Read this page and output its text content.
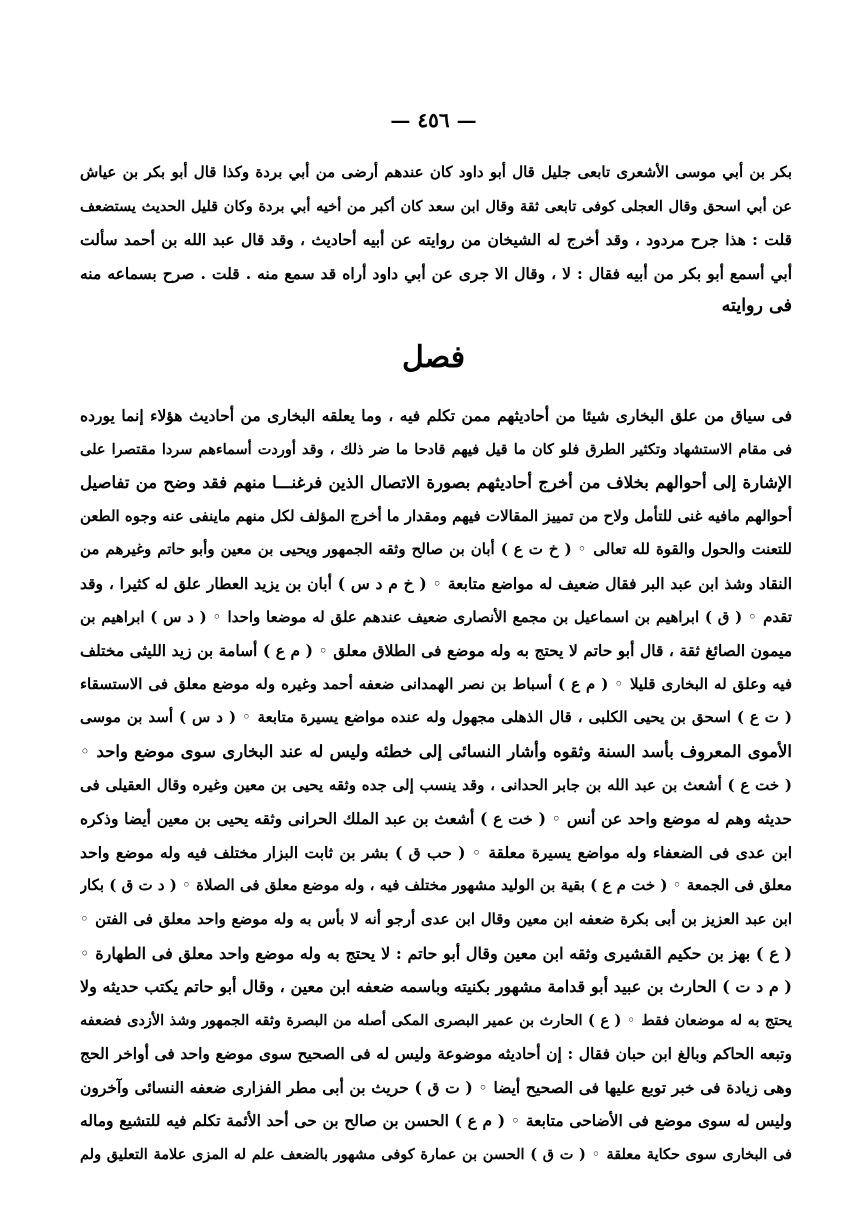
— ٤٥٦ —
بكر بن أبي موسى الأشعرى تابعى جليل قال أبو داود كان عندهم أرضى من أبي بردة وكذا قال أبو بكر بن عياش
عن أبي اسحق وقال العجلى كوفى تابعى ثقة وقال ابن سعد كان أكبر من أخيه أبي بردة وكان قليل الحديث يستضعف
قلت : هذا جرح مردود ، وقد أخرج له الشيخان من روايته عن أبيه أحاديث ، وقد قال عبد الله بن أحمد سألت
أبي أسمع أبو بكر من أبيه فقال : لا ، وقال الا جرى عن أبي داود أراه قد سمع منه . قلت . صرح بسماعه منه
فى روايته
فصل
فى سياق من علق البخارى شيئا من أحاديثهم ممن تكلم فيه ، وما يعلقه البخارى من أحاديث هؤلاء إنما يورده
فى مقام الاستشهاد وتكثير الطرق فلو كان ما قيل فيهم قادحا ما ضر ذلك ، وقد أوردت أسماءهم سردا مقتصرا على
الإشارة إلى أحوالهم بخلاف من أخرج أحاديثهم بصورة الاتصال الذين فرغنـــا منهم فقد وضح من تفاصيل
أحوالهم مافيه غنى للتأمل ولاح من تمييز المقالات فيهم ومقدار ما أخرج المؤلف لكل منهم ماينفى عنه وجوه الطعن
للتعنت والحول والقوة لله تعالى ◦ ( خ ت ع ) أبان بن صالح وثقه الجمهور ويحيى بن معين وأبو حاتم وغيرهم من
النقاد وشذ ابن عبد البر فقال ضعيف له مواضع متابعة ◦ ( خ م د س ) أبان بن يزيد العطار علق له كثيرا ، وقد
تقدم ◦ ( ق ) ابراهيم بن اسماعيل بن مجمع الأنصارى ضعيف عندهم علق له موضعا واحدا ◦ ( د س ) ابراهيم بن
ميمون الصائغ ثقة ، قال أبو حاتم لا يحتج به وله موضع فى الطلاق معلق ◦ ( م ع ) أسامة بن زيد الليثى مختلف
فيه وعلق له البخارى قليلا ◦ ( م ع ) أسباط بن نصر الهمدانى ضعفه أحمد وغيره وله موضع معلق فى الاستسقاء
( ت ع ) اسحق بن يحيى الكلبى ، قال الذهلى مجهول وله عنده مواضع يسيرة متابعة ◦ ( د س ) أسد بن موسى
الأموى المعروف بأسد السنة وثقوه وأشار النسائى إلى خطئه وليس له عند البخارى سوى موضع واحد ◦
( خت ع ) أشعث بن عبد الله بن جابر الحدانى ، وقد ينسب إلى جده وثقه يحيى بن معين وغيره وقال العقيلى فى
حديثه وهم له موضع واحد عن أنس ◦ ( خت ع ) أشعث بن عبد الملك الحرانى وثقه يحيى بن معين أيضا وذكره
ابن عدى فى الضعفاء وله مواضع يسيرة معلقة ◦ ( حب ق ) بشر بن ثابت البزار مختلف فيه وله موضع واحد
معلق فى الجمعة ◦ ( خت م ع ) بقية بن الوليد مشهور مختلف فيه ، وله موضع معلق فى الصلاة ◦ ( د ت ق ) بكار
ابن عبد العزيز بن أبى بكرة ضعفه ابن معين وقال ابن عدى أرجو أنه لا بأس به وله موضع واحد معلق فى الفتن ◦
( ع ) بهز بن حكيم القشيرى وثقه ابن معين وقال أبو حاتم : لا يحتج به وله موضع واحد معلق فى الطهارة ◦
( م د ت ) الحارث بن عبيد أبو قدامة مشهور بكنيته وباسمه ضعفه ابن معين ، وقال أبو حاتم يكتب حديثه ولا
يحتج به له موضعان فقط ◦ ( ع ) الحارث بن عمير البصرى المكى أصله من البصرة وثقه الجمهور وشذ الأزدى فضعفه
وتبعه الحاكم وبالغ ابن حبان فقال : إن أحاديثه موضوعة وليس له فى الصحيح سوى موضع واحد فى أواخر الحج
وهى زيادة فى خبر توبع عليها فى الصحيح أيضا ◦ ( ت ق ) حريث بن أبى مطر الفزارى ضعفه النسائى وآخرون
وليس له سوى موضع فى الأضاحى متابعة ◦ ( م ع ) الحسن بن صالح بن حى أحد الأئمة تكلم فيه للتشيع وماله
فى البخارى سوى حكاية معلقة ◦ ( ت ق ) الحسن بن عمارة كوفى مشهور بالضعف علم له المزى علامة التعليق ولم
